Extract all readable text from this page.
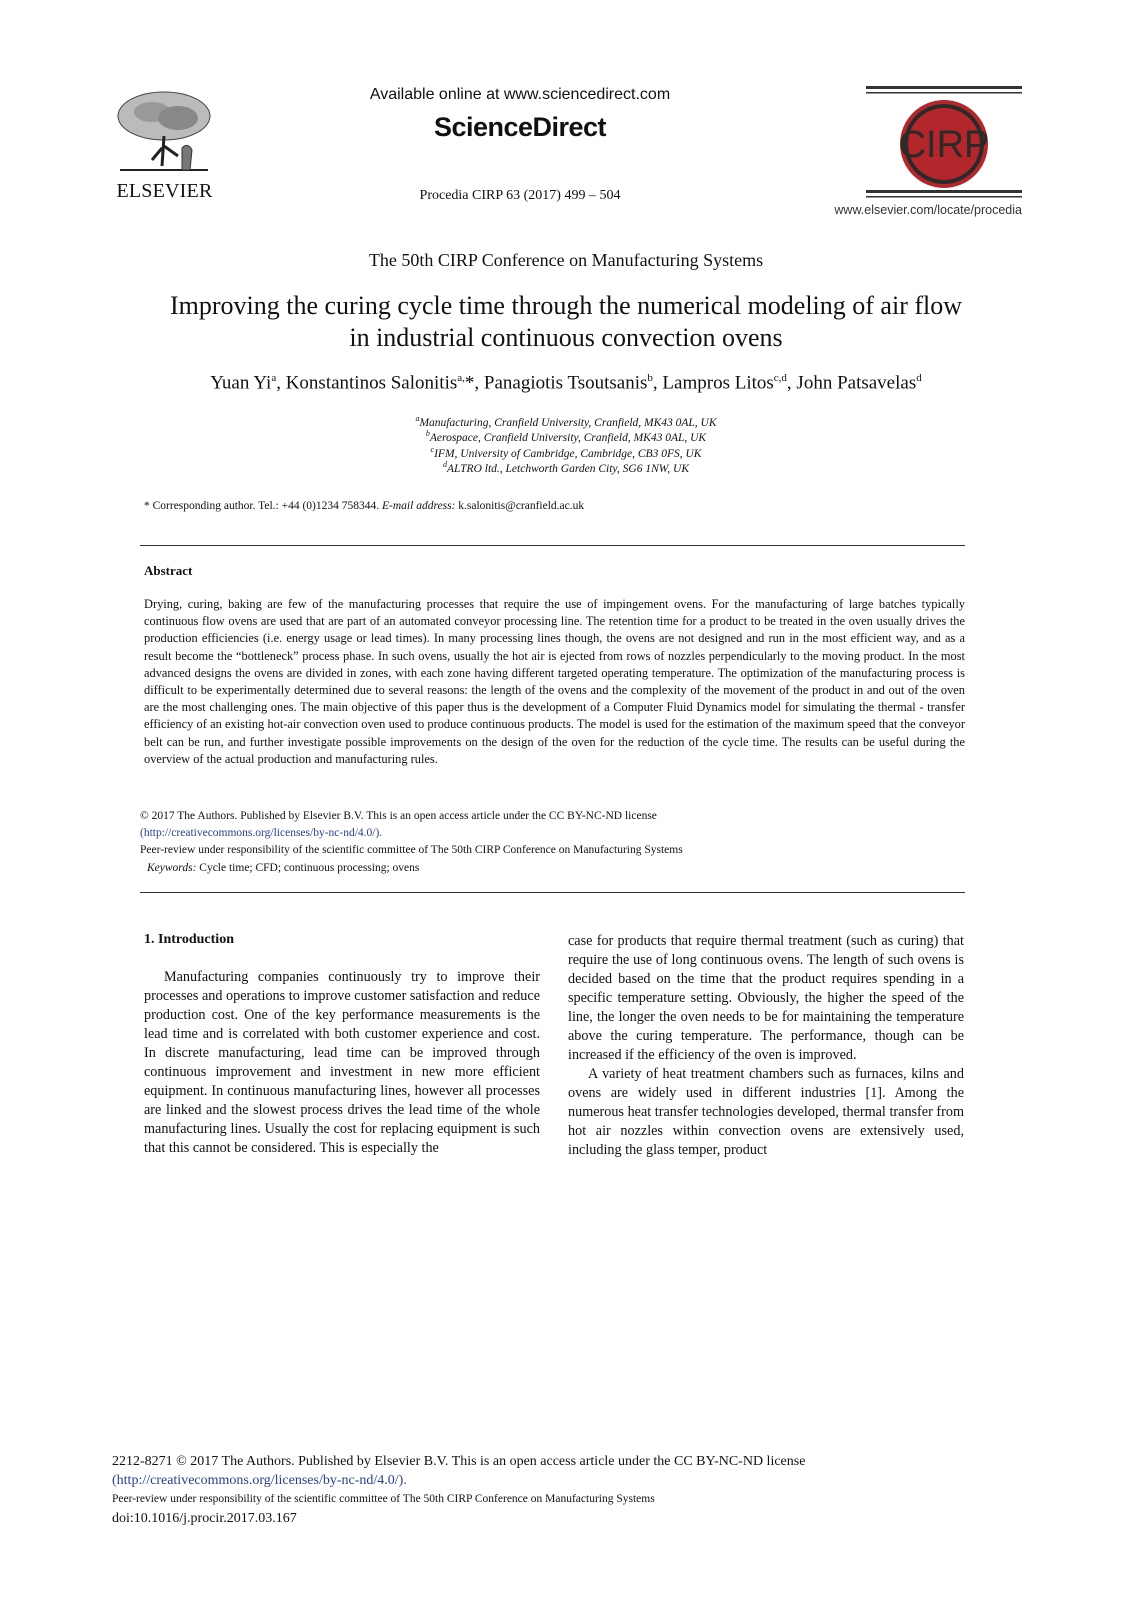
ELSEVIER
Available online at www.sciencedirect.com
ScienceDirect
Procedia CIRP 63 (2017) 499 – 504
CIRP
www.elsevier.com/locate/procedia
The 50th CIRP Conference on Manufacturing Systems
Improving the curing cycle time through the numerical modeling of air flow
in industrial continuous convection ovens
Yuan Yi$^a$, Konstantinos Salonitis$^{a,}$*, Panagiotis Tsoutsanis$^b$, Lampros Litos$^{c,d}$, John Patsavelas$^d$
$^a$Manufacturing, Cranfield University, Cranfield, MK43 0AL, UK
$^b$Aerospace, Cranfield University, Cranfield, MK43 0AL, UK
$^c$IFM, University of Cambridge, Cambridge, CB3 0FS, UK
$^d$ALTRO ltd., Letchworth Garden City, SG6 1NW, UK
* Corresponding author. Tel.: +44 (0)1234 758344. E-mail address: k.salonitis@cranfield.ac.uk
Abstract
Drying, curing, baking are few of the manufacturing processes that require the use of impingement ovens. For the manufacturing of large batches typically continuous flow ovens are used that are part of an automated conveyor processing line. The retention time for a product to be treated in the oven usually drives the production efficiencies (i.e. energy usage or lead times). In many processing lines though, the ovens are not designed and run in the most efficient way, and as a result become the “bottleneck” process phase. In such ovens, usually the hot air is ejected from rows of nozzles perpendicularly to the moving product. In the most advanced designs the ovens are divided in zones, with each zone having different targeted operating temperature. The optimization of the manufacturing process is difficult to be experimentally determined due to several reasons: the length of the ovens and the complexity of the movement of the product in and out of the oven are the most challenging ones. The main objective of this paper thus is the development of a Computer Fluid Dynamics model for simulating the thermal - transfer efficiency of an existing hot-air convection oven used to produce continuous products. The model is used for the estimation of the maximum speed that the conveyor belt can be run, and further investigate possible improvements on the design of the oven for the reduction of the cycle time. The results can be useful during the overview of the actual production and manufacturing rules.
© 2017 The Authors. Published by Elsevier B.V. This is an open access article under the CC BY-NC-ND license
(http://creativecommons.org/licenses/by-nc-nd/4.0/).
Peer-review under responsibility of the scientific committee of The 50th CIRP Conference on Manufacturing Systems
Keywords: Cycle time; CFD; continuous processing; ovens
1. Introduction

Manufacturing companies continuously try to improve their processes and operations to improve customer satisfaction and reduce production cost. One of the key performance measurements is the lead time and is correlated with both customer experience and cost. In discrete manufacturing, lead time can be improved through continuous improvement and investment in new more efficient equipment. In continuous manufacturing lines, however all processes are linked and the slowest process drives the lead time of the whole manufacturing lines. Usually the cost for replacing equipment is such that this cannot be considered. This is especially the

case for products that require thermal treatment (such as curing) that require the use of long continuous ovens. The length of such ovens is decided based on the time that the product requires spending in a specific temperature setting. Obviously, the higher the speed of the line, the longer the oven needs to be for maintaining the temperature above the curing temperature. The performance, though can be increased if the efficiency of the oven is improved.

A variety of heat treatment chambers such as furnaces, kilns and ovens are widely used in different industries [1]. Among the numerous heat transfer technologies developed, thermal transfer from hot air nozzles within convection ovens are extensively used, including the glass temper, product

2212-8271 © 2017 The Authors. Published by Elsevier B.V. This is an open access article under the CC BY-NC-ND license
(http://creativecommons.org/licenses/by-nc-nd/4.0/).
Peer-review under responsibility of the scientific committee of The 50th CIRP Conference on Manufacturing Systems
doi:10.1016/j.procir.2017.03.167
